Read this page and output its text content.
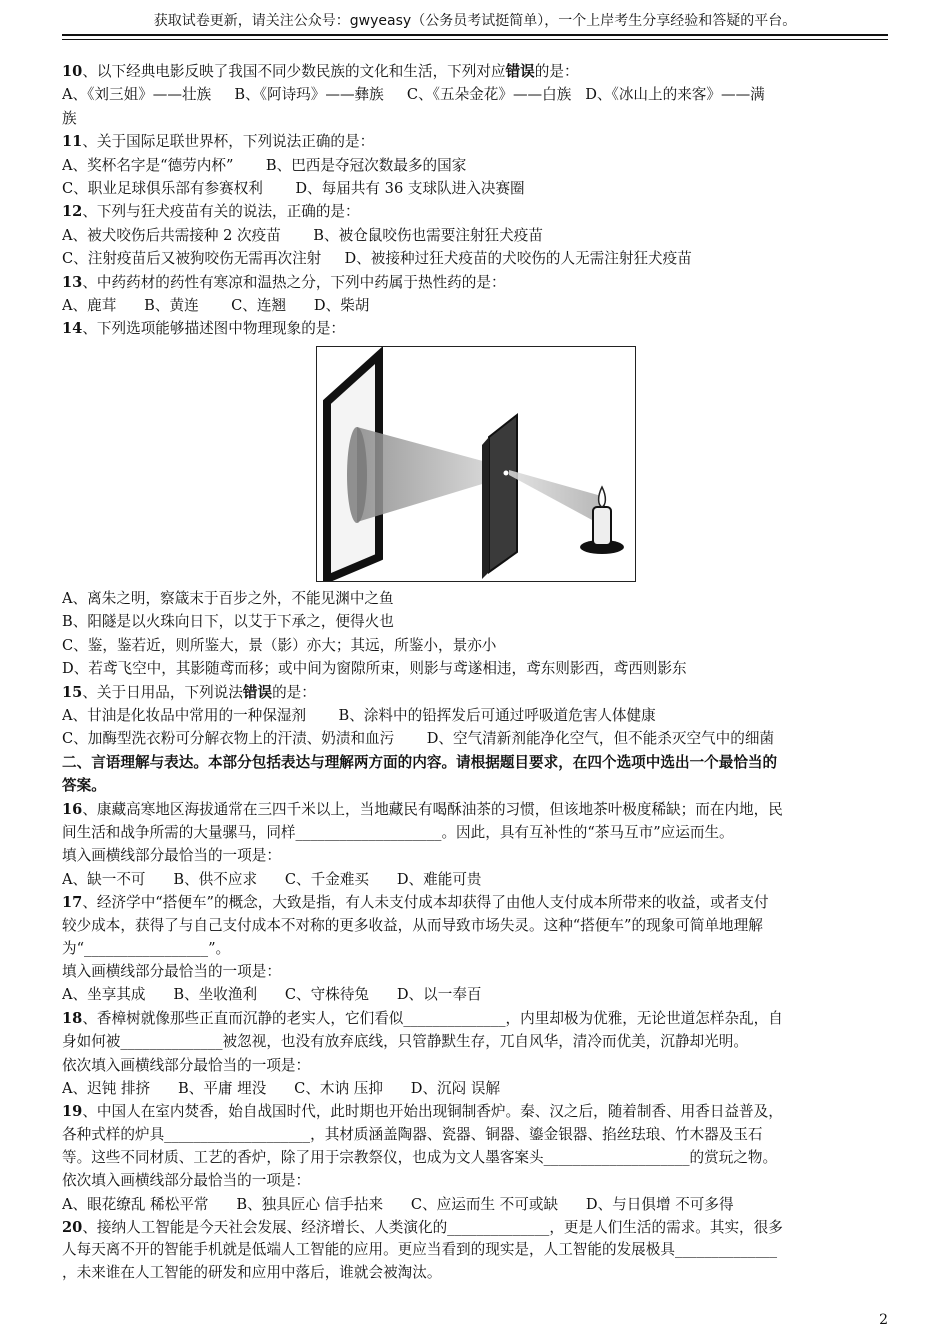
获取试卷更新，请关注公众号：gwyeasy（公务员考试挺简单），一个上岸考生分享经验和答疑的平台。
10、以下经典电影反映了我国不同少数民族的文化和生活，下列对应错误的是：
A、《刘三姐》——壮族     B、《阿诗玛》——彝族     C、《五朵金花》——白族   D、《冰山上的来客》——满
族
11、关于国际足联世界杯，下列说法正确的是：
A、奖杯名字是“德劳内杯”       B、巴西是夺冠次数最多的国家
C、职业足球俱乐部有参赛权利       D、每届共有 36 支球队进入决赛圈
12、下列与狂犬疫苗有关的说法，正确的是：
A、被犬咬伤后共需接种 2 次疫苗       B、被仓鼠咬伤也需要注射狂犬疫苗
C、注射疫苗后又被狗咬伤无需再次注射     D、被接种过狂犬疫苗的犬咬伤的人无需注射狂犬疫苗
13、中药药材的药性有寒凉和温热之分，下列中药属于热性药的是：
A、鹿茸      B、黄连       C、连翘      D、柴胡
14、下列选项能够描述图中物理现象的是：
A、离朱之明，察箴末于百步之外，不能见渊中之鱼
B、阳隧是以火珠向日下，以艾于下承之，便得火也
C、鉴，鉴若近，则所鉴大，景（影）亦大；其远，所鉴小，景亦小
D、若鸢飞空中，其影随鸢而移；或中间为窗隙所束，则影与鸢遂相违，鸢东则影西，鸢西则影东
15、关于日用品，下列说法错误的是：
A、甘油是化妆品中常用的一种保湿剂       B、涂料中的铅挥发后可通过呼吸道危害人体健康
C、加酶型洗衣粉可分解衣物上的汗渍、奶渍和血污       D、空气清新剂能净化空气，但不能杀灭空气中的细菌
二、言语理解与表达。本部分包括表达与理解两方面的内容。请根据题目要求，在四个选项中选出一个最恰当的
答案。
16、康藏高寒地区海拔通常在三四千米以上，当地藏民有喝酥油茶的习惯，但该地茶叶极度稀缺；而在内地，民
间生活和战争所需的大量骡马，同样____________________。因此，具有互补性的“茶马互市”应运而生。
填入画横线部分最恰当的一项是：
A、缺一不可      B、供不应求      C、千金难买      D、难能可贵
17、经济学中“搭便车”的概念，大致是指，有人未支付成本却获得了由他人支付成本所带来的收益，或者支付
较少成本，获得了与自己支付成本不对称的更多收益，从而导致市场失灵。这种“搭便车”的现象可简单地理解
为“_________________”。
填入画横线部分最恰当的一项是：
A、坐享其成      B、坐收渔利      C、守株待兔      D、以一奉百
18、香樟树就像那些正直而沉静的老实人，它们看似______________，内里却极为优雅，无论世道怎样杂乱，自
身如何被______________被忽视，也没有放弃底线，只管静默生存，兀自风华，清冷而优美，沉静却光明。
依次填入画横线部分最恰当的一项是：
A、迟钝 排挤      B、平庸 埋没      C、木讷 压抑      D、沉闷 误解
19、中国人在室内焚香，始自战国时代，此时期也开始出现铜制香炉。秦、汉之后，随着制香、用香日益普及，
各种式样的炉具____________________，其材质涵盖陶器、瓷器、铜器、鎏金银器、掐丝珐琅、竹木器及玉石
等。这些不同材质、工艺的香炉，除了用于宗教祭仪，也成为文人墨客案头____________________的赏玩之物。
依次填入画横线部分最恰当的一项是：
A、眼花缭乱 稀松平常      B、独具匠心 信手拈来      C、应运而生 不可或缺      D、与日俱增 不可多得
20、接纳人工智能是今天社会发展、经济增长、人类演化的______________，更是人们生活的需求。其实，很多
人每天离不开的智能手机就是低端人工智能的应用。更应当看到的现实是，人工智能的发展极具______________
，未来谁在人工智能的研发和应用中落后，谁就会被淘汰。
2
